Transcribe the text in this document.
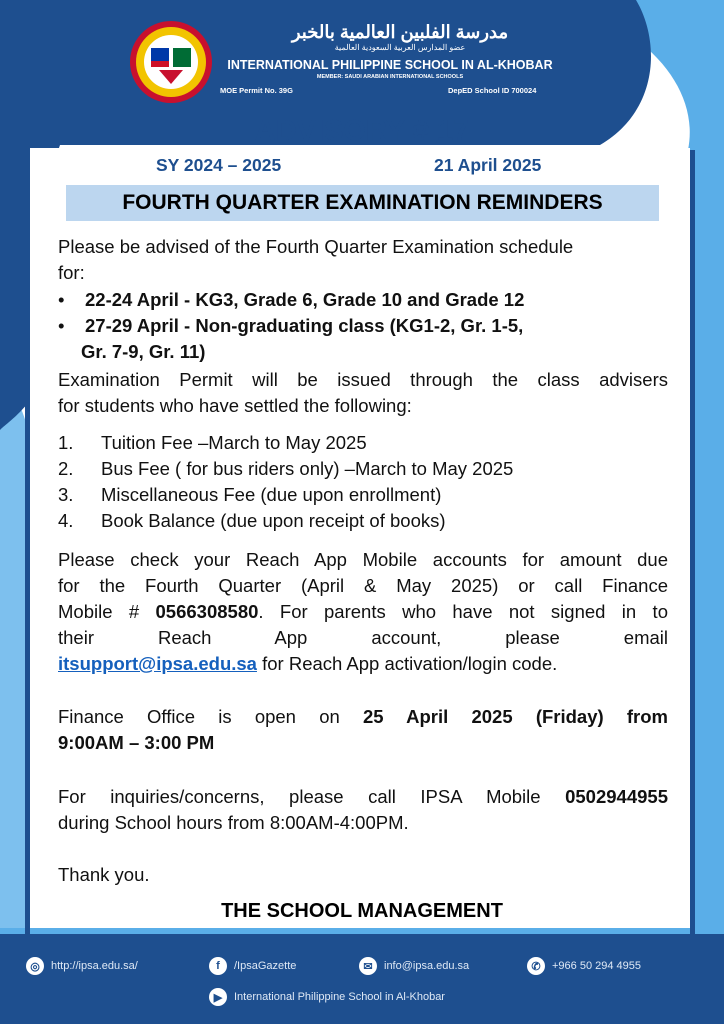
مدرسة الفلبين العالمية بالخبر
عضو المدارس العربية السعودية العالمية
INTERNATIONAL PHILIPPINE SCHOOL IN AL-KHOBAR
MEMBER: SAUDI ARABIAN INTERNATIONAL SCHOOLS
MOE Permit No. 39G	DepED School ID 700024
ADVISORY # 17
SY 2024 – 2025	21 April 2025
FOURTH QUARTER EXAMINATION REMINDERS
Please be advised of the Fourth Quarter Examination schedule
for:
• 22-24 April - KG3, Grade 6, Grade 10 and Grade 12
• 27-29 April - Non-graduating class (KG1-2, Gr. 1-5,
Gr. 7-9, Gr. 11)
Examination Permit will be issued through the class advisers
for students who have settled the following:
1. Tuition Fee –March to May 2025
2. Bus Fee ( for bus riders only) –March to May 2025
3. Miscellaneous Fee (due upon enrollment)
4. Book Balance (due upon receipt of books)
Please check your Reach App Mobile accounts for amount due
for the Fourth Quarter (April & May 2025) or call Finance
Mobile # 0566308580. For parents who have not signed in to
their Reach App account, please email
itsupport@ipsa.edu.sa for Reach App activation/login code.
Finance Office is open on 25 April 2025 (Friday) from
9:00AM – 3:00 PM
For inquiries/concerns, please call IPSA Mobile 0502944955
during School hours from 8:00AM-4:00PM.
Thank you.
THE SCHOOL MANAGEMENT
◎	http://ipsa.edu.sa/	f	/IpsaGazette	✉	info@ipsa.edu.sa	✆	+966 50 294 4955
▶	International Philippine School in Al-Khobar
